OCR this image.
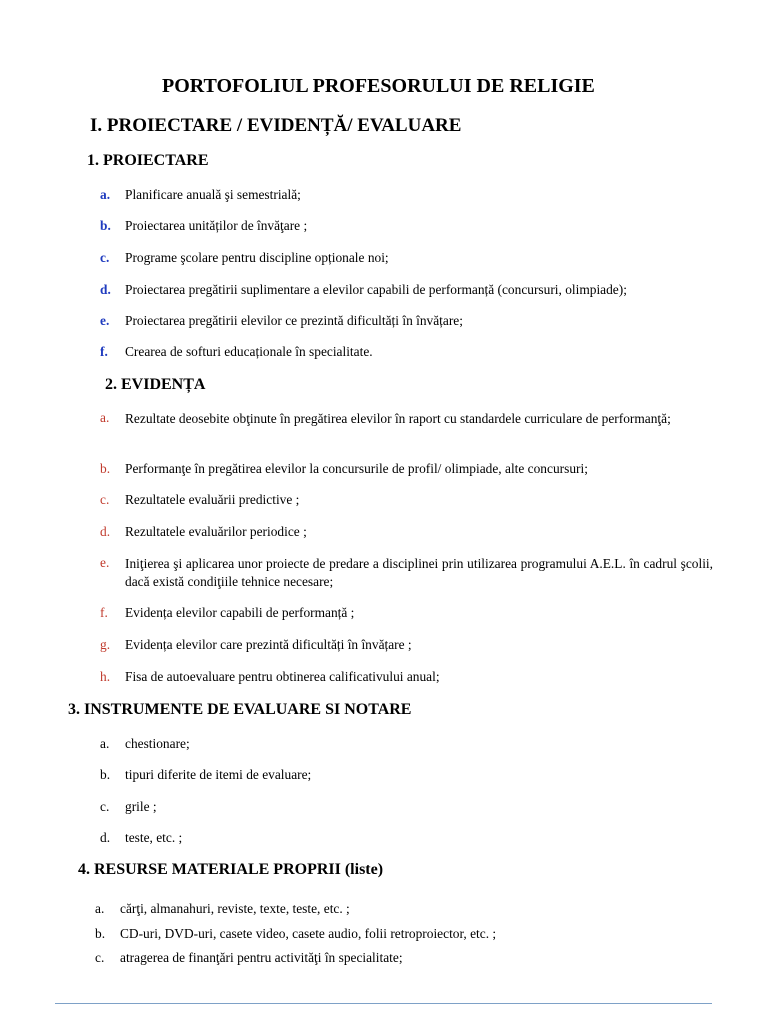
PORTOFOLIUL PROFESORULUI DE RELIGIE
I. PROIECTARE / EVIDENȚĂ/ EVALUARE
1. PROIECTARE
a. Planificare anuală şi semestrială;
b. Proiectarea unităților de învăţare ;
c. Programe şcolare pentru discipline opționale noi;
d. Proiectarea pregătirii suplimentare a elevilor capabili de performanță (concursuri, olimpiade);
e. Proiectarea pregătirii elevilor ce prezintă dificultăți în învățare;
f. Crearea de softuri educaționale în specialitate.
2. EVIDENȚA
a. Rezultate deosebite obţinute în pregătirea elevilor în raport cu standardele curriculare de performanţă;
b. Performanţe în pregătirea elevilor la concursurile de profil/ olimpiade, alte concursuri;
c. Rezultatele evaluării predictive ;
d. Rezultatele evaluărilor periodice ;
e. Iniţierea şi aplicarea unor proiecte de predare a disciplinei prin utilizarea programului A.E.L. în cadrul şcolii, dacă există condiţiile tehnice necesare;
f. Evidența elevilor capabili de performanță ;
g. Evidența elevilor care prezintă dificultăți în învățare ;
h. Fisa de autoevaluare pentru obtinerea calificativului anual;
3. INSTRUMENTE DE EVALUARE SI NOTARE
a. chestionare;
b. tipuri diferite de itemi de evaluare;
c. grile ;
d. teste, etc. ;
4. RESURSE MATERIALE PROPRII (liste)
a. cărţi, almanahuri, reviste, texte, teste, etc. ;
b. CD-uri, DVD-uri, casete video, casete audio, folii retroproiector, etc. ;
c. atragerea de finanţări pentru activităţi în specialitate;
